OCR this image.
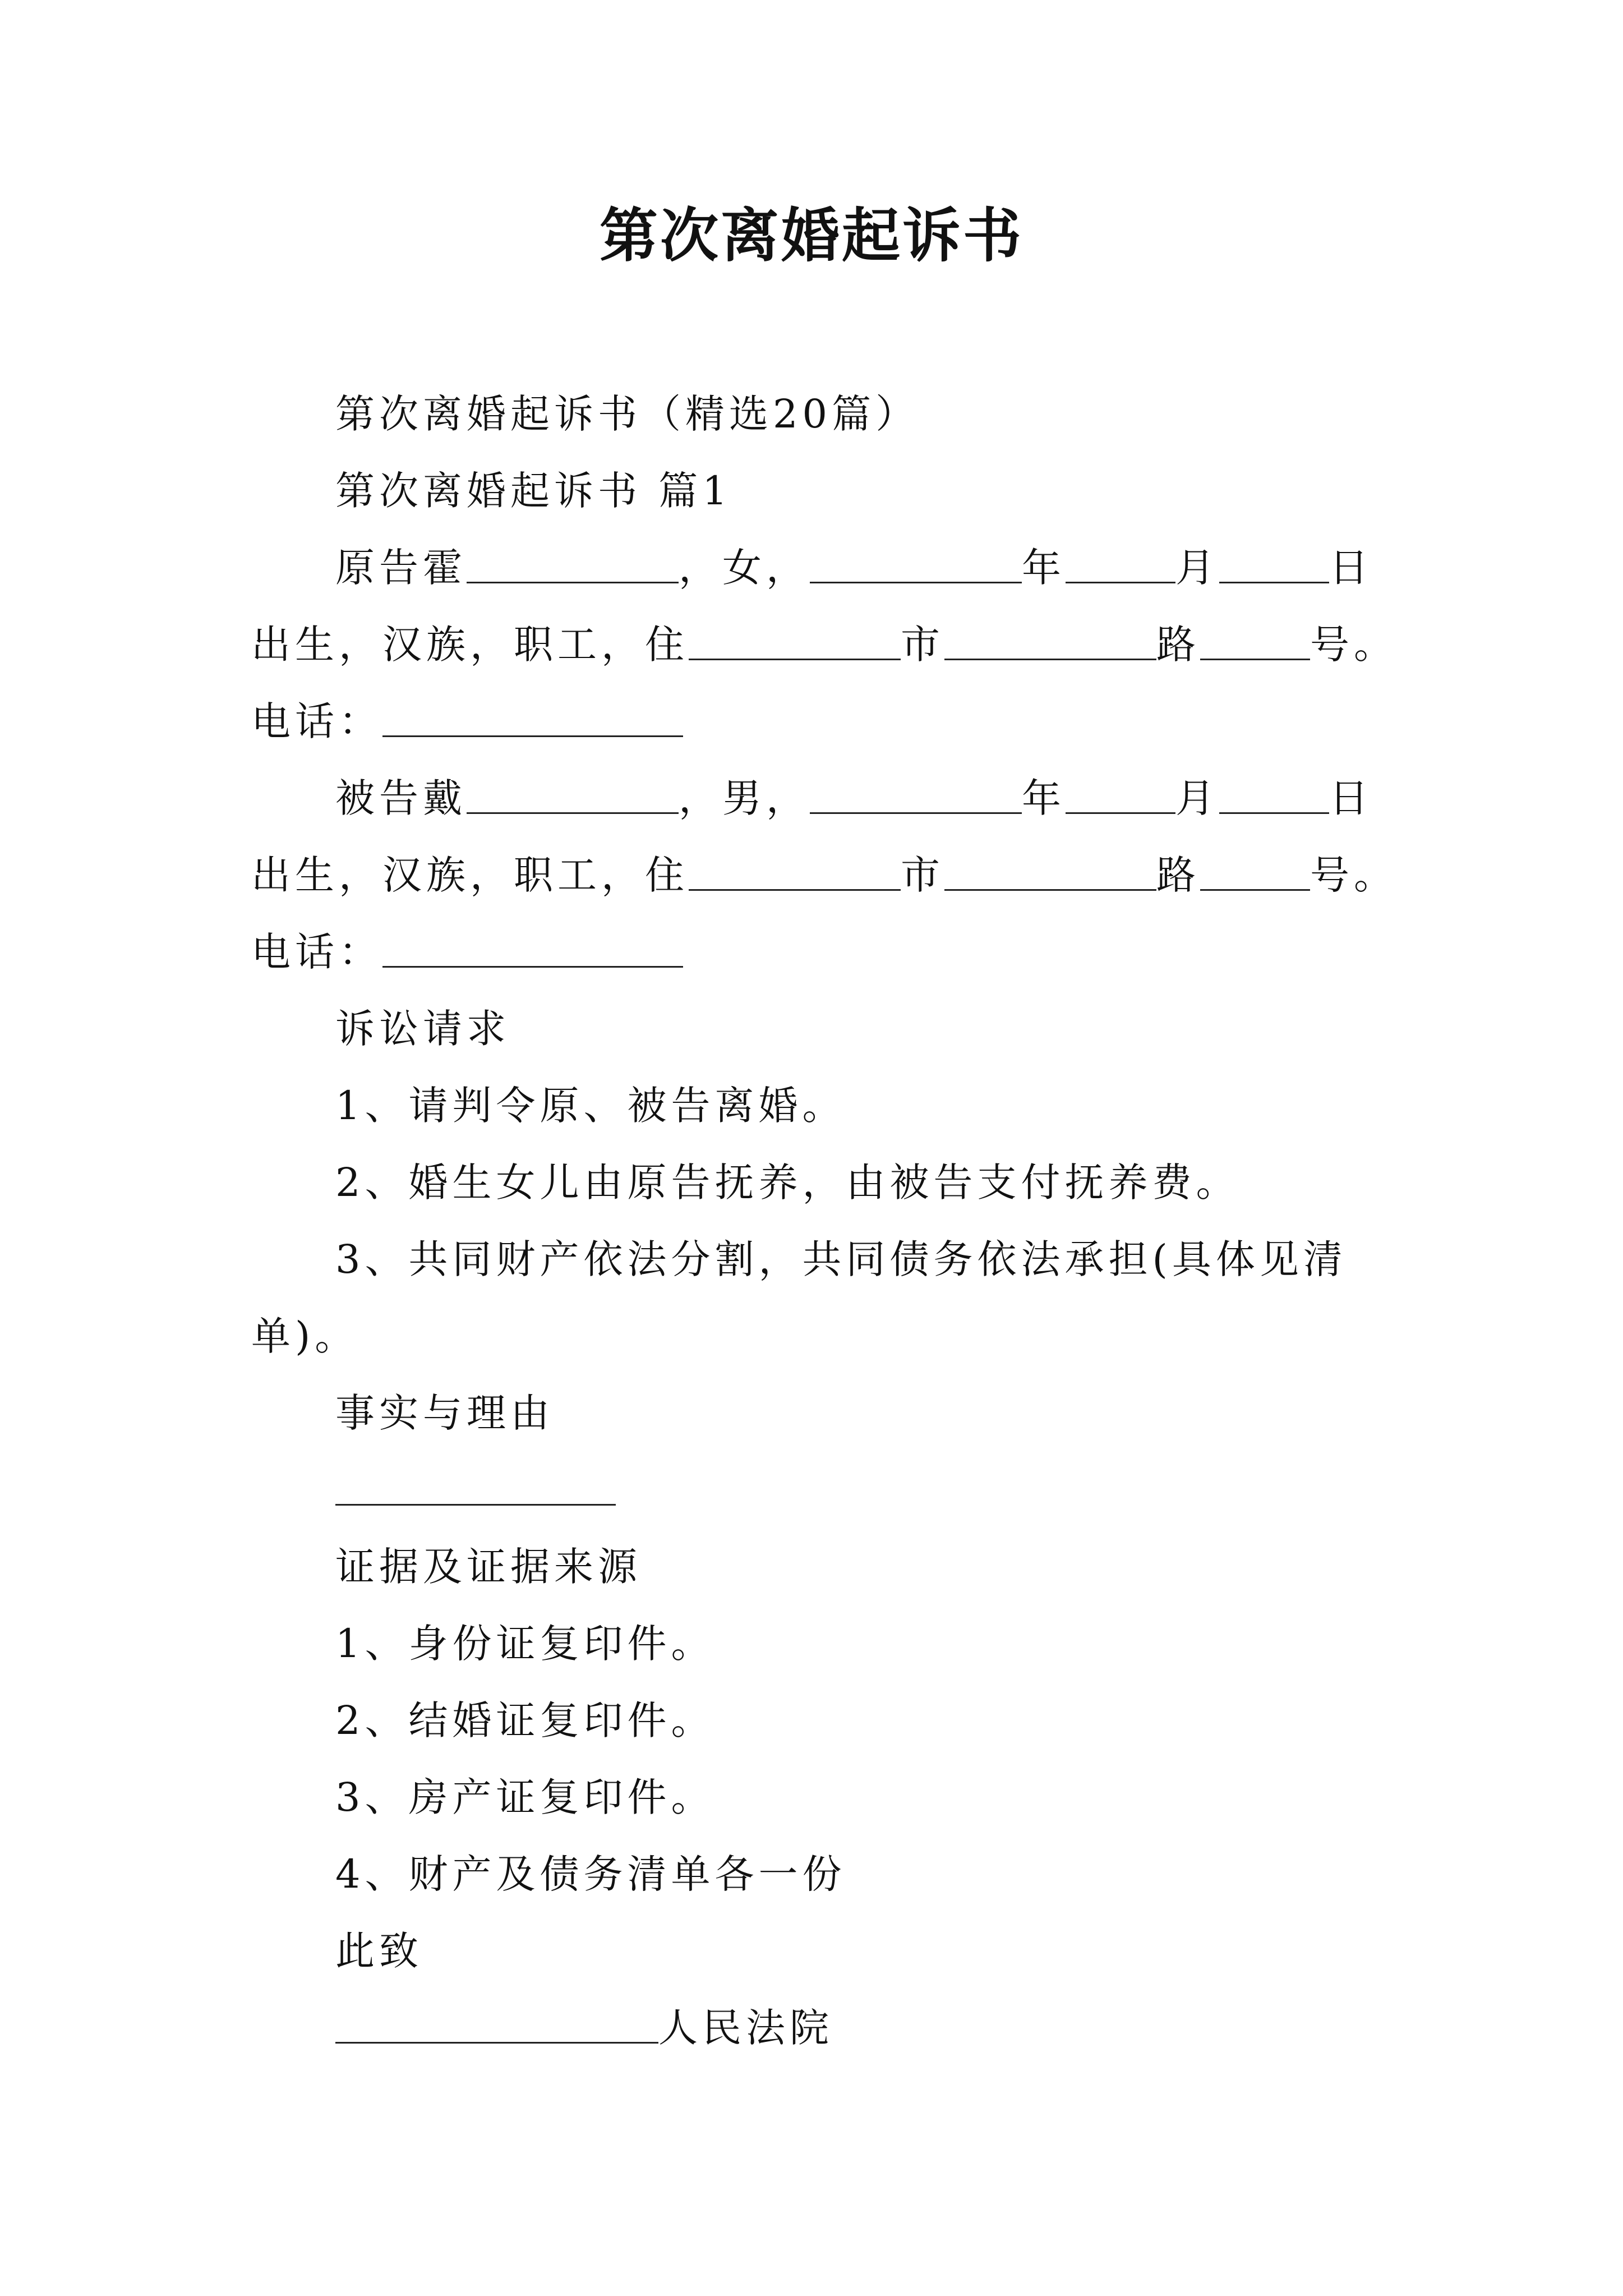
第次离婚起诉书

第次离婚起诉书（精选20篇）

第次离婚起诉书 篇1

原告霍	，女，	年	月	日

出生，汉族，职工，住	市	路	号。

电话：

被告戴	，男，	年	月	日

出生，汉族，职工，住	市	路	号。

电话：

诉讼请求

1、请判令原、被告离婚。

2、婚生女儿由原告抚养，由被告支付抚养费。

3、共同财产依法分割，共同债务依法承担(具体见清

单)。

事实与理由

证据及证据来源

1、身份证复印件。

2、结婚证复印件。

3、房产证复印件。

4、财产及债务清单各一份

此致

人民法院
